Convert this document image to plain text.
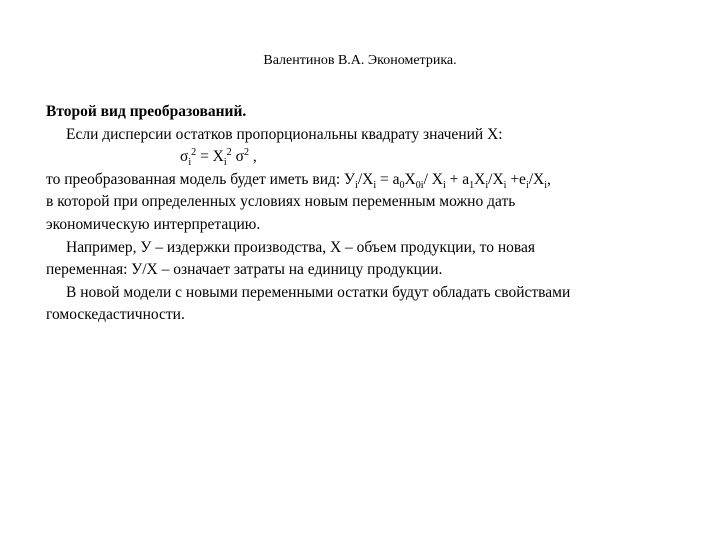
Валентинов В.А. Эконометрика.
Второй вид преобразований.
Если дисперсии остатков пропорциональны квадрату значений X:
$\sigma_i^2 = X_i^2$ $\sigma^2$ ,
то преобразованная модель будет иметь вид: $У_i/X_i = a_0X_{0i}/$ $X_i + a_1X_i/X_i +e_i/X_i$,
в которой при определенных условиях новым переменным можно дать
экономическую интерпретацию.
Например, У – издержки производства, Х – объем продукции, то новая
переменная: У/Х – означает затраты на единицу продукции.
В новой модели с новыми переменными остатки будут обладать свойствами
гомоскедастичности.
